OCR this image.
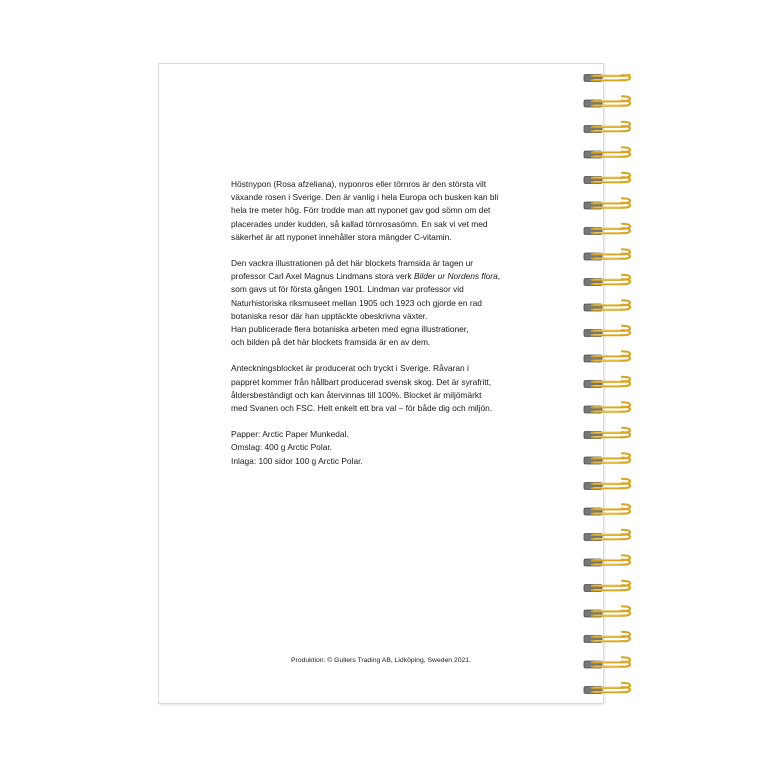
Höstnypon (Rosa afzeliana), nyponros eller törnros är den största vilt
växande rosen i Sverige. Den är vanlig i hela Europa och busken kan bli
hela tre meter hög. Förr trodde man att nyponet gav god sömn om det
placerades under kudden, så kallad törnrosasömn. En sak vi vet med
säkerhet är att nyponet innehåller stora mängder C-vitamin.

Den vackra illustrationen på det här blockets framsida är tagen ur
professor Carl Axel Magnus Lindmans stora verk Bilder ur Nordens flora,
som gavs ut för första gången 1901. Lindman var professor vid
Naturhistoriska riksmuseet mellan 1905 och 1923 och gjorde en rad
botaniska resor där han upptäckte obeskrivna växter.
Han publicerade flera botaniska arbeten med egna illustrationer,
och bilden på det här blockets framsida är en av dem.

Anteckningsblocket är producerat och tryckt i Sverige. Råvaran i
pappret kommer från hållbart producerad svensk skog. Det är syrafritt,
åldersbeständigt och kan återvinnas till 100%. Blocket är miljömärkt
med Svanen och FSC. Helt enkelt ett bra val – för både dig och miljön.

Papper: Arctic Paper Munkedal.
Omslag: 400 g Arctic Polar.
Inlaga: 100 sidor 100 g Arctic Polar.

Produktion: © Gullers Trading AB, Lidköping, Sweden 2021.
